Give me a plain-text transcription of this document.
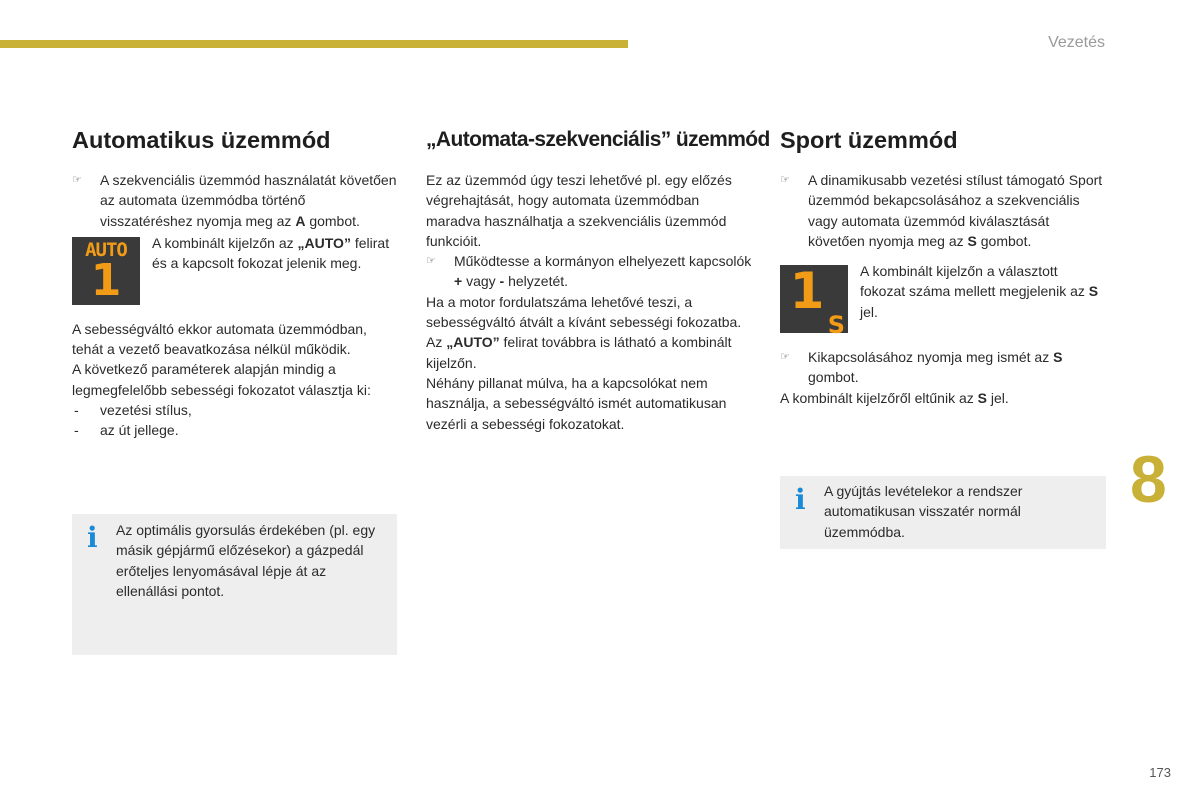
Vezetés
8
173
Automatikus üzemmód

☞ A szekvenciális üzemmód használatát követően az automata üzemmódba történő visszatéréshez nyomja meg az A gombot.

AUTO
1
A kombinált kijelzőn az „AUTO” felirat és a kapcsolt fokozat jelenik meg.

A sebességváltó ekkor automata üzemmódban, tehát a vezető beavatkozása nélkül működik.

A következő paraméterek alapján mindig a legmegfelelőbb sebességi fokozatot választja ki:

- vezetési stílus,
- az út jellege.
i Az optimális gyorsulás érdekében (pl. egy másik gépjármű előzésekor) a gázpedál erőteljes lenyomásával lépje át az ellenállási pontot.
„Automata-szekvenciális” üzemmód

Ez az üzemmód úgy teszi lehetővé pl. egy előzés végrehajtását, hogy automata üzemmódban maradva használhatja a szekvenciális üzemmód funkcióit.

☞ Működtesse a kormányon elhelyezett kapcsolók + vagy - helyzetét.

Ha a motor fordulatszáma lehetővé teszi, a sebességváltó átvált a kívánt sebességi fokozatba. Az „AUTO” felirat továbbra is látható a kombinált kijelzőn.

Néhány pillanat múlva, ha a kapcsolókat nem használja, a sebességváltó ismét automatikusan vezérli a sebességi fokozatokat.

Sport üzemmód

☞ A dinamikusabb vezetési stílust támogató Sport üzemmód bekapcsolásához a szekvenciális vagy automata üzemmód kiválasztását követően nyomja meg az S gombot.

1
S
A kombinált kijelzőn a választott fokozat száma mellett megjelenik az S jel.

☞ Kikapcsolásához nyomja meg ismét az S gombot.

A kombinált kijelzőről eltűnik az S jel.

i A gyújtás levételekor a rendszer automatikusan visszatér normál üzemmódba.
